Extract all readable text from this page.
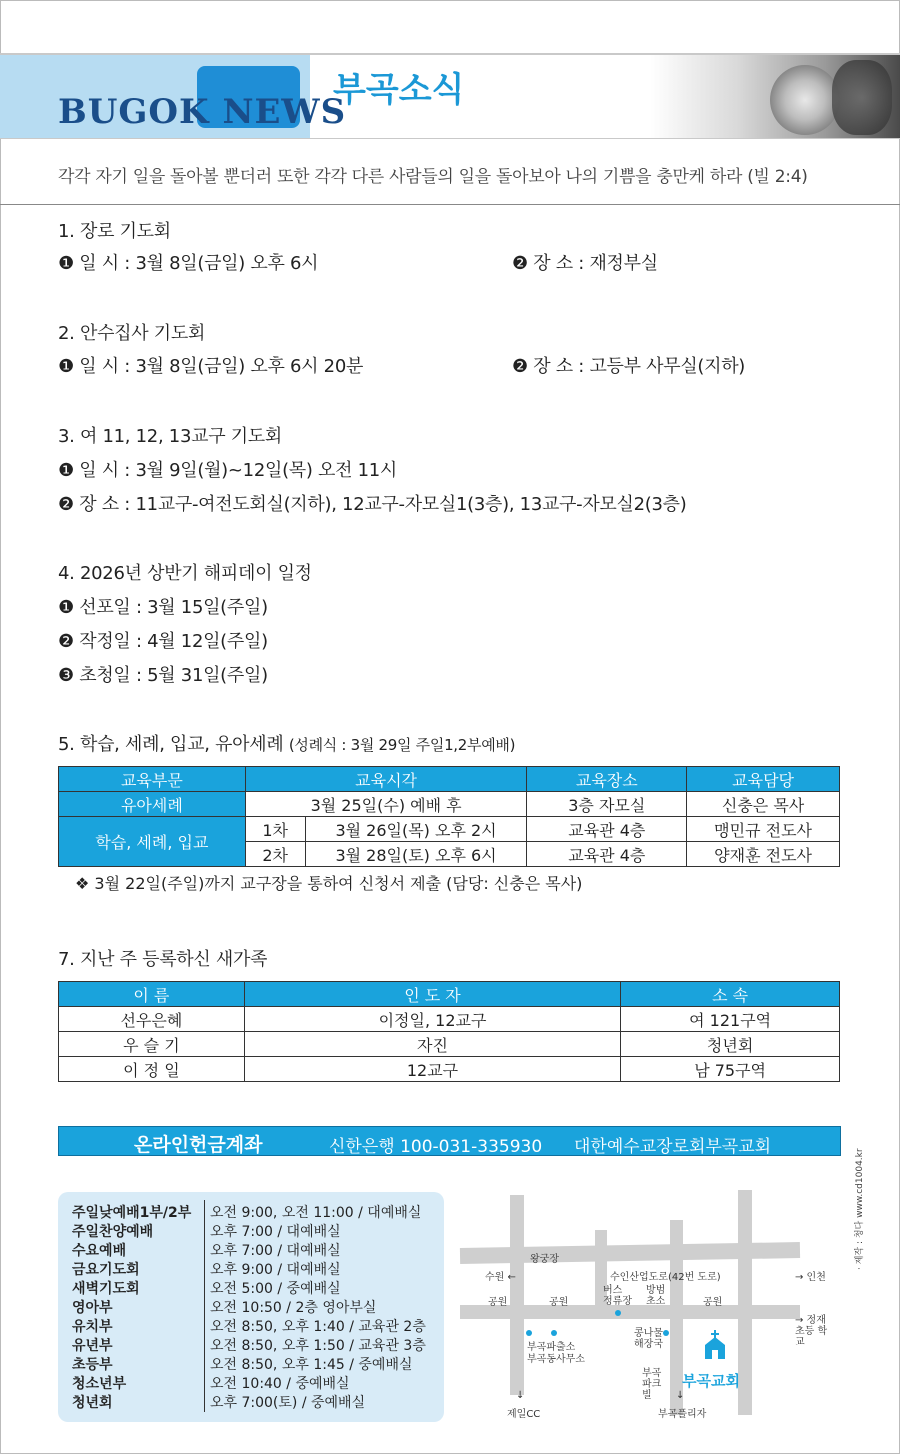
BUGOK NEWS
부곡소식
각각 자기 일을 돌아볼 뿐더러 또한 각각 다른 사람들의 일을 돌아보아 나의 기쁨을 충만케 하라 (빌 2:4)
1. 장로 기도회
❶ 일 시 : 3월 8일(금일) 오후 6시	❷ 장 소 : 재정부실
2. 안수집사 기도회
❶ 일 시 : 3월 8일(금일) 오후 6시 20분	❷ 장 소 : 고등부 사무실(지하)
3. 여 11, 12, 13교구 기도회
❶ 일 시 : 3월 9일(월)~12일(목) 오전 11시
❷ 장 소 : 11교구-여전도회실(지하), 12교구-자모실1(3층), 13교구-자모실2(3층)
4. 2026년 상반기 해피데이 일정
❶ 선포일 : 3월 15일(주일)
❷ 작정일 : 4월 12일(주일)
❸ 초청일 : 5월 31일(주일)
5. 학습, 세례, 입교, 유아세례 (성례식 : 3월 29일 주일1,2부예배)
교육부문	교육시각		교육장소	교육담당
유아세례	3월 25일(수) 예배 후		3층 자모실	신충은 목사
학습, 세례, 입교	1차	3월 26일(목) 오후 2시	교육관 4층	맹민규 전도사
	2차	3월 28일(토) 오후 6시	교육관 4층	양재훈 전도사
❖ 3월 22일(주일)까지 교구장을 통하여 신청서 제출 (담당: 신충은 목사)
7. 지난 주 등록하신 새가족
이 름	인 도 자	소 속
선우은혜	이정일, 12교구	여 121구역
우 슬 기	자진	청년회
이 정 일	12교구	남 75구역
온라인헌금계좌	신한은행 100-031-335930 대한예수교장로회부곡교회
주일낮예배1부/2부 오전 9:00, 오전 11:00 / 대예배실
주일찬양예배	오후 7:00 / 대예배실
수요예배	오후 7:00 / 대예배실
금요기도회	오후 9:00 / 대예배실
새벽기도회	오전 5:00 / 중예배실
영아부	오전 10:50 / 2층 영아부실
유치부	오전 8:50, 오후 1:40 / 교육관 2층
유년부	오전 8:50, 오후 1:50 / 교육관 3층
초등부	오전 8:50, 오후 1:45 / 중예배실
청소년부	오전 10:40 / 중예배실
청년회	오후 7:00(토) / 중예배실
왕궁장
수원 ←	수인산업도로(42번 도로)	→ 인천
공원	공원	공원
버스 정류장
방범 초소
→ 정재 초등 학교
부곡파출소
부곡동사무소
콩나물 해장국
부곡 파크빌
부곡교회
↓
제일CC
↓
부곡플리자
· 제작 : 청다 www.cd1004.kr
